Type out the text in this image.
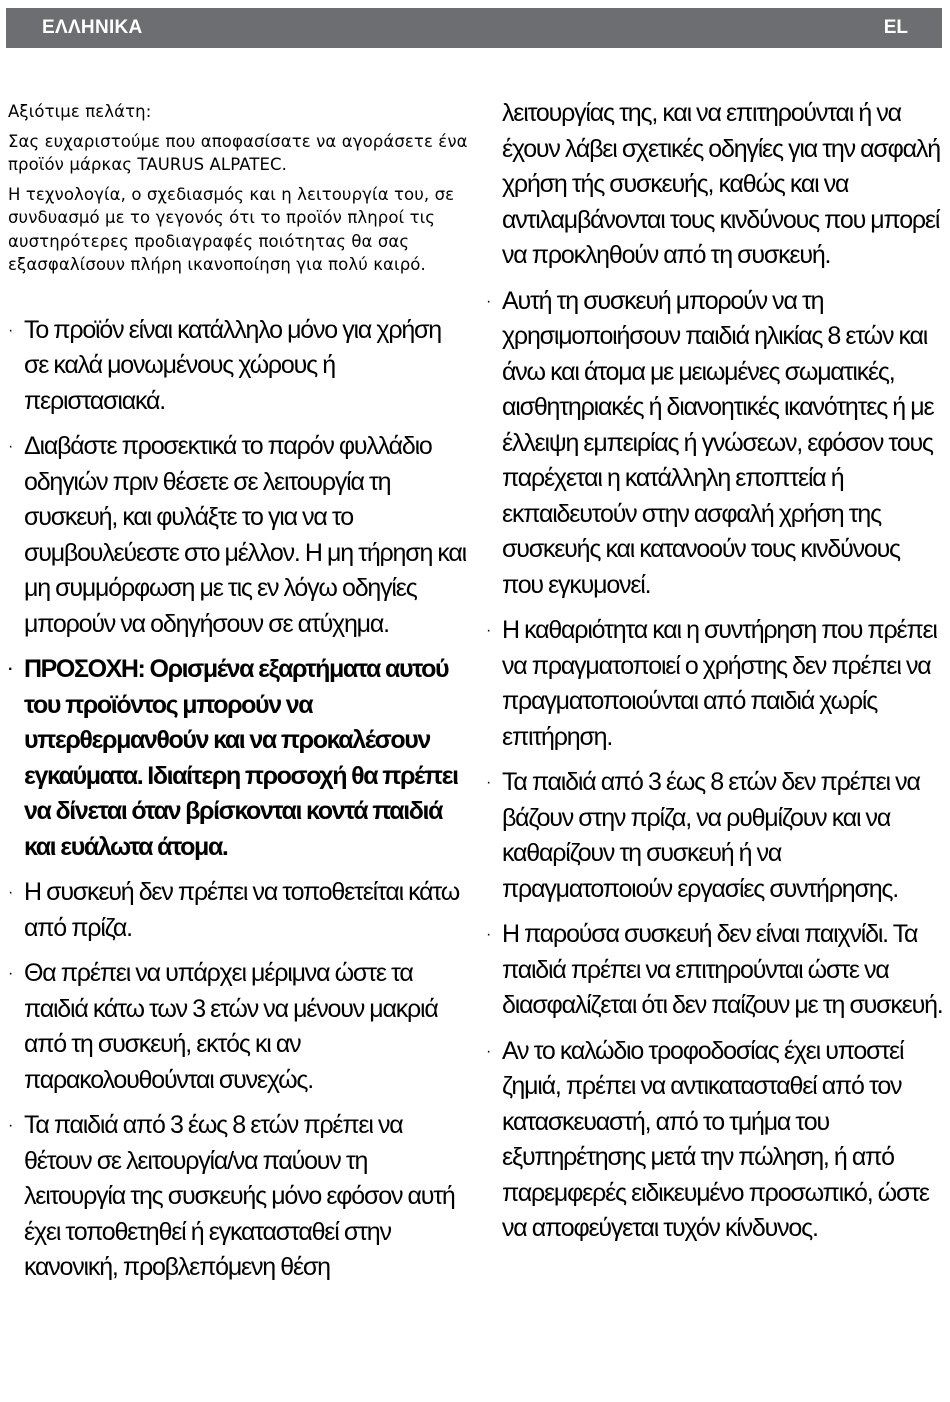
ΕΛΛΗΝΙΚΑ	EL

Αξιότιμε πελάτη:

Σας ευχαριστούμε που αποφασίσατε να αγοράσετε ένα προϊόν μάρκας TAURUS ALPATEC.

Η τεχνολογία, ο σχεδιασμός και η λειτουργία του, σε συνδυασμό με το γεγονός ότι το προϊόν πληροί τις αυστηρότερες προδιαγραφές ποιότητας θα σας εξασφαλίσουν πλήρη ικανοποίηση για πολύ καιρό.

· Το προϊόν είναι κατάλληλο μόνο για χρήση σε καλά μονωμένους χώρους ή περιστασιακά.
· Διαβάστε προσεκτικά το παρόν φυλλάδιο οδηγιών πριν θέσετε σε λειτουργία τη συσκευή, και φυλάξτε το για να το συμβουλεύεστε στο μέλλον. Η μη τήρηση και μη συμμόρφωση με τις εν λόγω οδηγίες μπορούν να οδηγήσουν σε ατύχημα.
· ΠΡΟΣΟΧΗ: Ορισμένα εξαρτήματα αυτού του προϊόντος μπορούν να υπερθερμανθούν και να προκαλέσουν εγκαύματα. Ιδιαίτερη προσοχή θα πρέπει να δίνεται όταν βρίσκονται κοντά παιδιά και ευάλωτα άτομα.
· Η συσκευή δεν πρέπει να τοποθετείται κάτω από πρίζα.
· Θα πρέπει να υπάρχει μέριμνα ώστε τα παιδιά κάτω των 3 ετών να μένουν μακριά από τη συσκευή, εκτός κι αν παρακολουθούνται συνεχώς.
· Τα παιδιά από 3 έως 8 ετών πρέπει να θέτουν σε λειτουργία/να παύουν τη λειτουργία της συσκευής μόνο εφόσον αυτή έχει τοποθετηθεί ή εγκατασταθεί στην κανονική, προβλεπόμενη θέση

λειτουργίας της, και να επιτηρούνται ή να έχουν λάβει σχετικές οδηγίες για την ασφαλή χρήση τής συσκευής, καθώς και να αντιλαμβάνονται τους κινδύνους που μπορεί να προκληθούν από τη συσκευή.

· Αυτή τη συσκευή μπορούν να τη χρησιμοποιήσουν παιδιά ηλικίας 8 ετών και άνω και άτομα με μειωμένες σωματικές, αισθητηριακές ή διανοητικές ικανότητες ή με έλλειψη εμπειρίας ή γνώσεων, εφόσον τους παρέχεται η κατάλληλη εποπτεία ή εκπαιδευτούν στην ασφαλή χρήση της συσκευής και κατανοούν τους κινδύνους που εγκυμονεί.
· Η καθαριότητα και η συντήρηση που πρέπει να πραγματοποιεί ο χρήστης δεν πρέπει να πραγματοποιούνται από παιδιά χωρίς επιτήρηση.
· Τα παιδιά από 3 έως 8 ετών δεν πρέπει να βάζουν στην πρίζα, να ρυθμίζουν και να καθαρίζουν τη συσκευή ή να πραγματοποιούν εργασίες συντήρησης.
· Η παρούσα συσκευή δεν είναι παιχνίδι. Τα παιδιά πρέπει να επιτηρούνται ώστε να διασφαλίζεται ότι δεν παίζουν με τη συσκευή.
· Αν το καλώδιο τροφοδοσίας έχει υποστεί ζημιά, πρέπει να αντικατασταθεί από τον κατασκευαστή, από το τμήμα του εξυπηρέτησης μετά την πώληση, ή από παρεμφερές ειδικευμένο προσωπικό, ώστε να αποφεύγεται τυχόν κίνδυνος.
